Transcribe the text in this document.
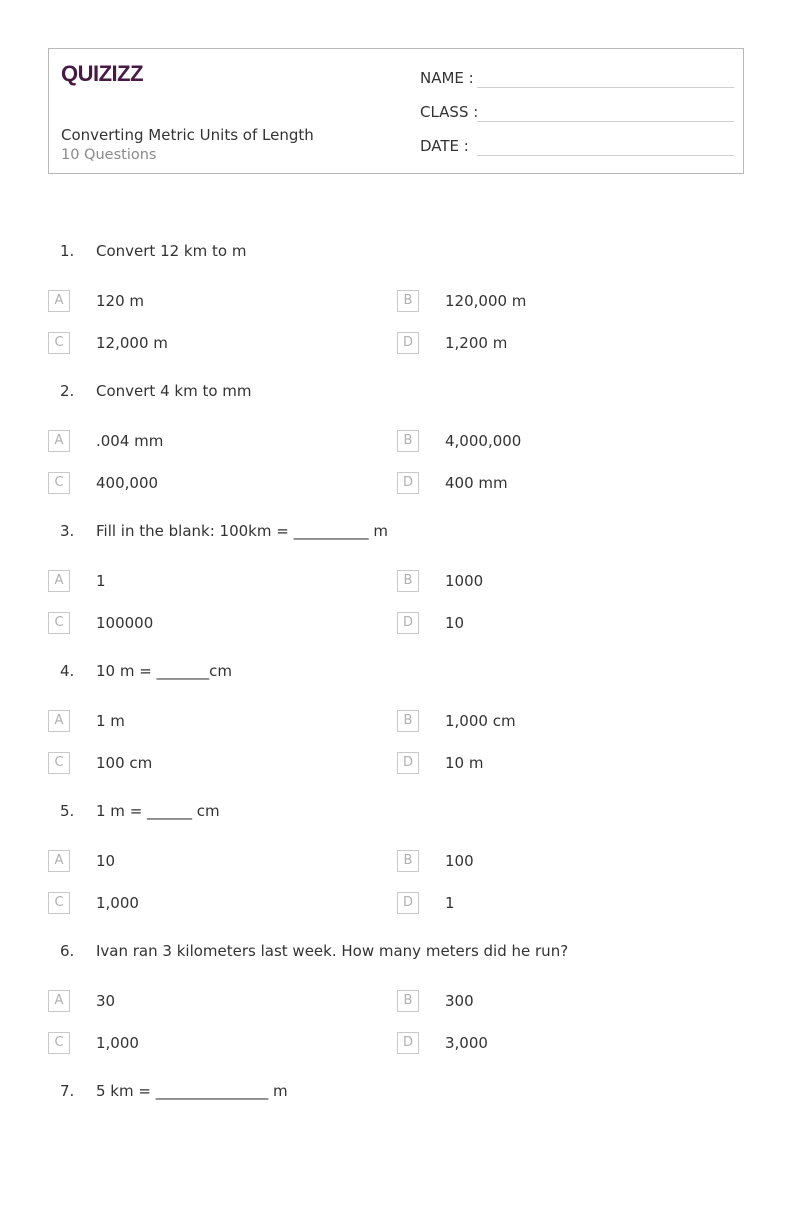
QUIZIZZ
Converting Metric Units of Length
10 Questions
NAME :
CLASS :
DATE :
1. Convert 12 km to m
A	120 m	B	120,000 m
C	12,000 m	D	1,200 m
2. Convert 4 km to mm
A	.004 mm	B	4,000,000
C	400,000	D	400 mm
3. Fill in the blank: 100km = __________ m
A	1	B	1000
C	100000	D	10
4. 10 m = _______cm
A	1 m	B	1,000 cm
C	100 cm	D	10 m
5. 1 m = ______ cm
A	10	B	100
C	1,000	D	1
6. Ivan ran 3 kilometers last week. How many meters did he run?
A	30	B	300
C	1,000	D	3,000
7. 5 km = _______________ m
